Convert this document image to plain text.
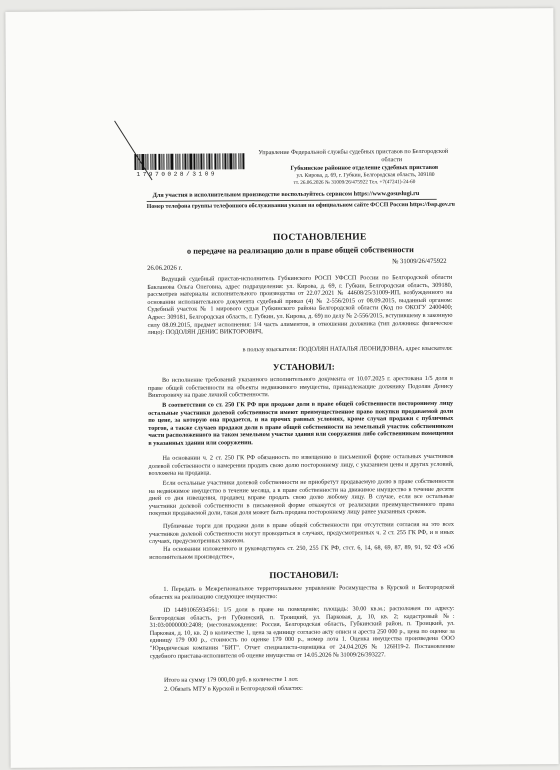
17970028/3109
Управление Федеральной службы судебных приставов по Белгородской
области
Губкинское районное отделение судебных приставов
ул. Кирова, д. 69, г. Губкин, Белгородская область, 309180
тт. 26.06.2026 № 31009/26/475922 Тел. +7(47241)-24-60
Для участия в исполнительном производстве воспользуйтесь сервисом https://www.gosuslugi.ru
Номер телефона группы телефонного обслуживания указан на официальном сайте ФССП России https://fssp.gov.ru
ПОСТАНОВЛЕНИЕ
о передаче на реализацию доли в праве общей собственности
26.06.2026 г.
№ 31009/26/475922
Ведущий судебный пристав-исполнитель Губкинского РОСП УФССП России по Белгородской области Бакланова Ольга Олеговна, адрес подразделения: ул. Кирова, д. 69, г. Губкин, Белгородская область, 309180, рассмотрев материалы исполнительного производства от 22.07.2021 № 44608/25/31009-ИП, возбужденного на основании исполнительного документа судебный приказ (4) № 2-556/2015 от 08.09.2015, выданный органом: Судебный участок № 1 мирового судьи Губкинского района Белгородской области (Код по ОКОГУ 2400400; Адрес: 309181, Белгородская область, г. Губкин, ул. Кирова, д. 69) по делу № 2-556/2015, вступившему в законную силу 08.09.2015, предмет исполнения: 1/4 часть алиментов, в отношении должника (тип должника: физическое лицо): ПОДОЛЯН ДЕНИС ВИКТОРОВИЧ,
в пользу взыскателя: ПОДОЛЯН НАТАЛЬЯ ЛЕОНИДОВНА, адрес взыскателя:
УСТАНОВИЛ:
Во исполнение требований указанного исполнительного документа от 10.07.2025 г. арестована 1/5 доля в праве общей собственности на объекты недвижимого имущества, принадлежащие должнику Подолян Денису Викторовичу на праве личной собственности.
В соответствии со ст. 250 ГК РФ при продаже доли в праве общей собственности постороннему лицу остальные участники долевой собственности имеют преимущественное право покупки продаваемой доли по цене, за которую она продается, и на прочих равных условиях, кроме случая продажи с публичных торгов, а также случаев продажи доли в праве общей собственности на земельный участок собственником части расположенного на таком земельном участке здания или сооружения либо собственником помещения в указанных здании или сооружении.
На основании ч. 2 ст. 250 ГК РФ обязанность по извещению в письменной форме остальных участников долевой собственности о намерении продать свою долю постороннему лицу, с указанием цены и других условий, возложена на продавца.
Если остальные участники долевой собственности не приобретут продаваемую долю в праве собственности на недвижимое имущество в течение месяца, а в праве собственности на движимое имущество в течение десяти дней со дня извещения, продавец вправе продать свою долю любому лицу. В случае, если все остальные участники долевой собственности в письменной форме откажутся от реализации преимущественного права покупки продаваемой доли, такая доля может быть продана постороннему лицу ранее указанных сроков.
Публичные торги для продажи доли в праве общей собственности при отсутствии согласия на это всех участников долевой собственности могут проводиться в случаях, предусмотренных ч. 2 ст. 255 ГК РФ, и в иных случаях, предусмотренных законом.
На основании изложенного и руководствуясь ст. 250, 255 ГК РФ, стст. 6, 14, 68, 69, 87, 89, 91, 92 ФЗ «Об исполнительном производстве»,
ПОСТАНОВИЛ:
1. Передать в Межрегиональное территориальное управление Росимущества в Курской и Белгородской областях на реализацию следующее имущество:
ID 14491065934561: 1/5 доля в праве на помещение; площадь: 30.00 кв.м.; расположен по адресу: Белгородская область, р-н Губкинский, п. Троицкий, ул. Парковая, д. 10, кв. 2; кадастровый №: 31:03:0000000:2408; (местонахождение: Россия, Белгородская область, Губкинский район, п. Троицкий, ул. Парковая, д. 10, кв. 2) в количестве 1, цена за единицу согласно акту описи и ареста 250 000 р., цена по оценке за единицу 179 000 р., стоимость по оценке 179 000 р., номер лота 1. Оценка имущества произведена ООО "Юридическая компания "БИТ". Отчет специалиста-оценщика от 24.04.2026 № 126Н19-2. Постановление судебного пристава-исполнителя об оценке имущества от 14.05.2026 № 31009/26/393227.
Итого на сумму 179 000,00 руб. в количестве 1 лот.
2. Обязать МТУ в Курской и Белгородской областях:
